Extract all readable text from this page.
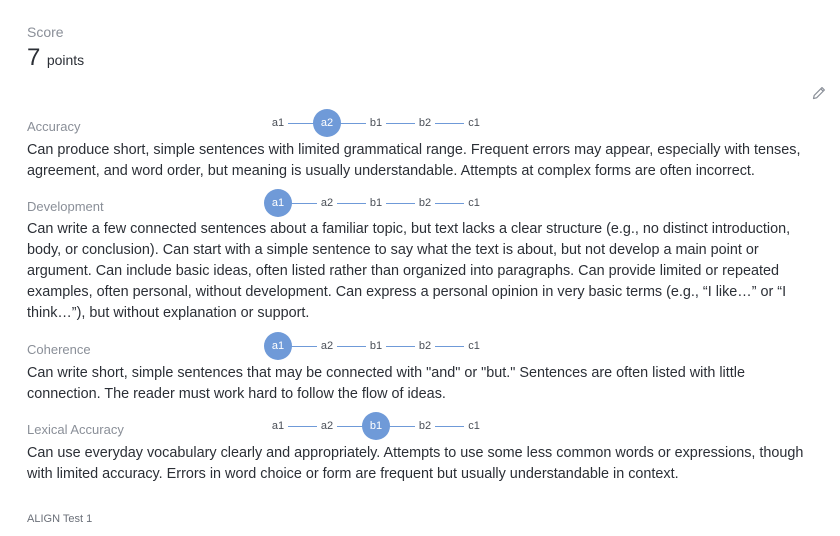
Score
7 points
Accuracy	a1	a2	b1	b2	c1
Can produce short, simple sentences with limited grammatical range. Frequent errors may appear, especially with tenses, agreement, and word order, but meaning is usually understandable. Attempts at complex forms are often incorrect.
Development	a1	a2	b1	b2	c1
Can write a few connected sentences about a familiar topic, but text lacks a clear structure (e.g., no distinct introduction, body, or conclusion). Can start with a simple sentence to say what the text is about, but not develop a main point or argument. Can include basic ideas, often listed rather than organized into paragraphs. Can provide limited or repeated examples, often personal, without development. Can express a personal opinion in very basic terms (e.g., “I like…” or “I think…”), but without explanation or support.
Coherence	a1	a2	b1	b2	c1
Can write short, simple sentences that may be connected with "and" or "but." Sentences are often listed with little connection. The reader must work hard to follow the flow of ideas.
Lexical Accuracy	a1	a2	b1	b2	c1
Can use everyday vocabulary clearly and appropriately. Attempts to use some less common words or expressions, though with limited accuracy. Errors in word choice or form are frequent but usually understandable in context.
ALIGN Test 1
